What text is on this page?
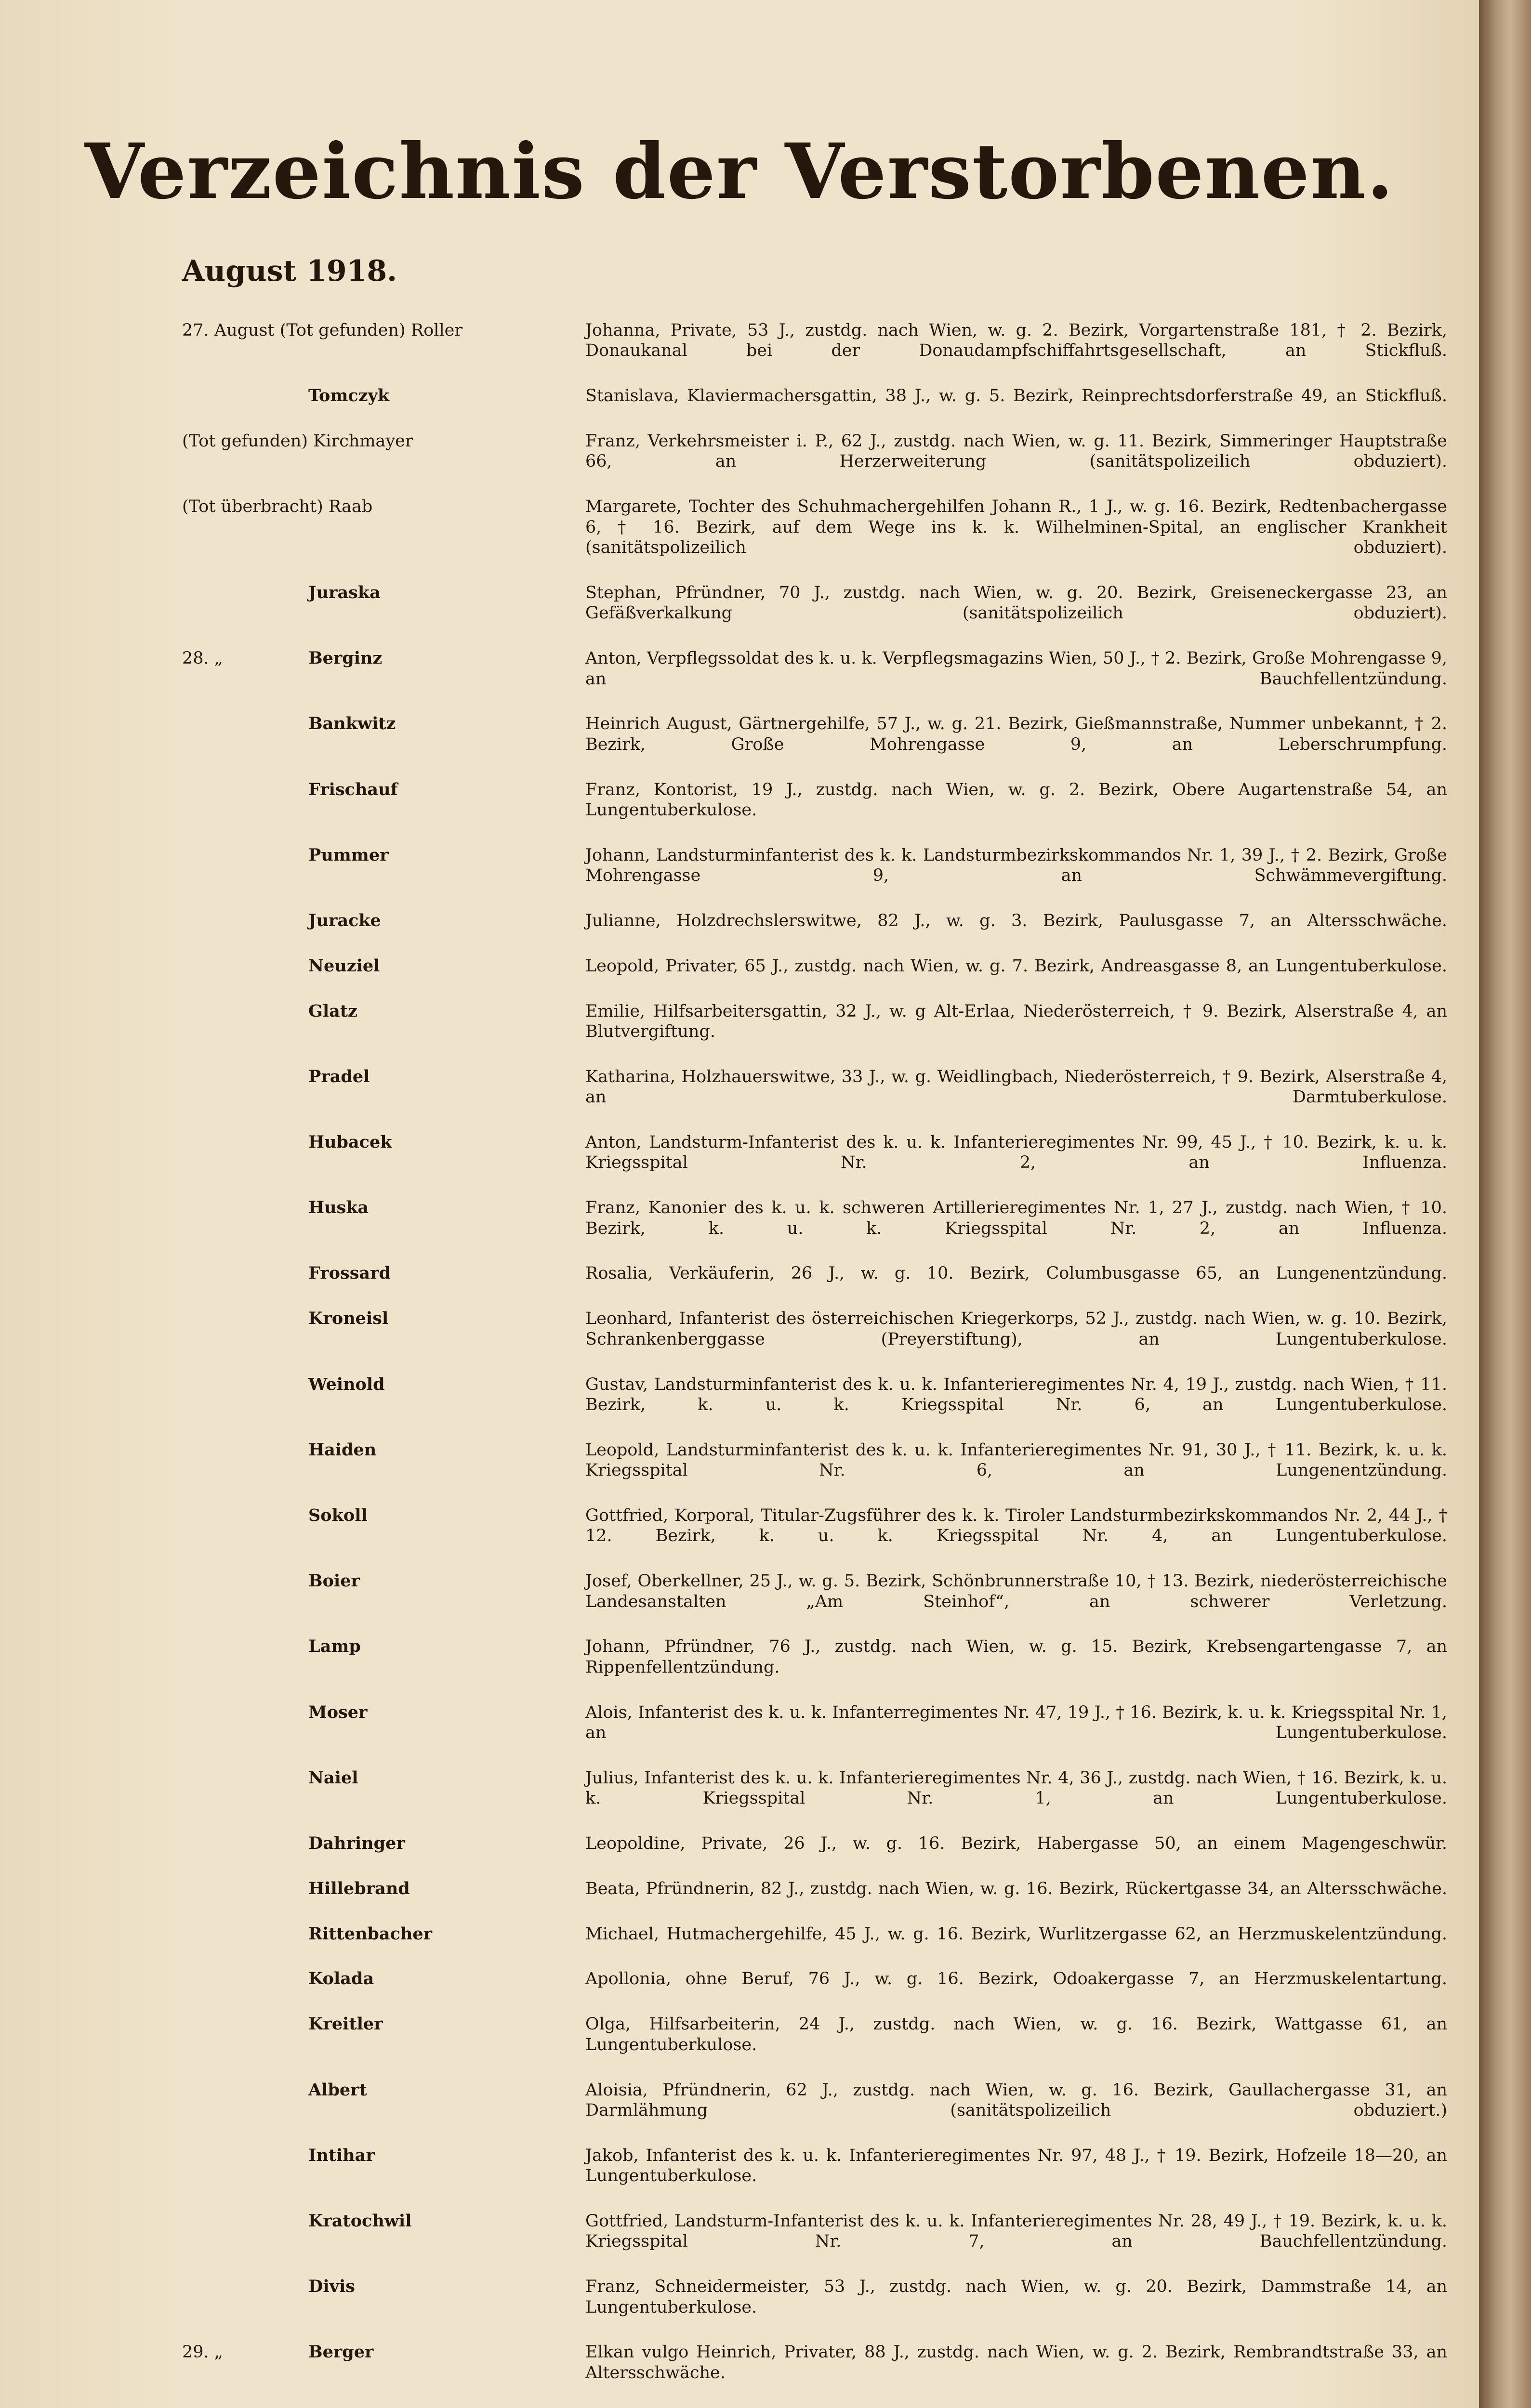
Verzeichnis der Verstorbenen.
August 1918.
27. August (Tot gefunden) Roller	Johanna, Private, 53 J., zustdg. nach Wien, w. g. 2. Bezirk, Vorgartenstraße 181, † 2. Bezirk, Donaukanal bei der Donaudampfschiffahrtsgesellschaft, an Stickfluß.
Tomczyk	Stanislava, Klaviermachersgattin, 38 J., w. g. 5. Bezirk, Reinprechtsdorferstraße 49, an Stickfluß.
(Tot gefunden) Kirchmayer	Franz, Verkehrsmeister i. P., 62 J., zustdg. nach Wien, w. g. 11. Bezirk, Simmeringer Hauptstraße 66, an Herzerweiterung (sanitätspolizeilich obduziert).
(Tot überbracht) Raab	Margarete, Tochter des Schuhmachergehilfen Johann R., 1 J., w. g. 16. Bezirk, Redtenbachergasse 6, † 16. Bezirk, auf dem Wege ins k. k. Wilhelminen-Spital, an englischer Krankheit (sanitätspolizeilich obduziert).
Juraska	Stephan, Pfründner, 70 J., zustdg. nach Wien, w. g. 20. Bezirk, Greiseneckergasse 23, an Gefäßverkalkung (sanitätspolizeilich obduziert).
28. „	Berginz	Anton, Verpflegssoldat des k. u. k. Verpflegsmagazins Wien, 50 J., † 2. Bezirk, Große Mohrengasse 9, an Bauchfellentzündung.
Bankwitz	Heinrich August, Gärtnergehilfe, 57 J., w. g. 21. Bezirk, Gießmannstraße, Nummer unbekannt, † 2. Bezirk, Große Mohrengasse 9, an Leberschrumpfung.
Frischauf	Franz, Kontorist, 19 J., zustdg. nach Wien, w. g. 2. Bezirk, Obere Augartenstraße 54, an Lungentuberkulose.
Pummer	Johann, Landsturminfanterist des k. k. Landsturmbezirkskommandos Nr. 1, 39 J., † 2. Bezirk, Große Mohrengasse 9, an Schwämmevergiftung.
Juracke	Julianne, Holzdrechslerswitwe, 82 J., w. g. 3. Bezirk, Paulusgasse 7, an Altersschwäche.
Neuziel	Leopold, Privater, 65 J., zustdg. nach Wien, w. g. 7. Bezirk, Andreasgasse 8, an Lungentuberkulose.
Glatz	Emilie, Hilfsarbeitersgattin, 32 J., w. g Alt-Erlaa, Niederösterreich, † 9. Bezirk, Alserstraße 4, an Blutvergiftung.
Pradel	Katharina, Holzhauerswitwe, 33 J., w. g. Weidlingbach, Niederösterreich, † 9. Bezirk, Alserstraße 4, an Darmtuberkulose.
Hubacek	Anton, Landsturm-Infanterist des k. u. k. Infanterieregimentes Nr. 99, 45 J., † 10. Bezirk, k. u. k. Kriegsspital Nr. 2, an Influenza.
Huska	Franz, Kanonier des k. u. k. schweren Artillerieregimentes Nr. 1, 27 J., zustdg. nach Wien, † 10. Bezirk, k. u. k. Kriegsspital Nr. 2, an Influenza.
Frossard	Rosalia, Verkäuferin, 26 J., w. g. 10. Bezirk, Columbusgasse 65, an Lungenentzündung.
Kroneisl	Leonhard, Infanterist des österreichischen Kriegerkorps, 52 J., zustdg. nach Wien, w. g. 10. Bezirk, Schrankenberggasse (Preyerstiftung), an Lungentuberkulose.
Weinold	Gustav, Landsturminfanterist des k. u. k. Infanterieregimentes Nr. 4, 19 J., zustdg. nach Wien, † 11. Bezirk, k. u. k. Kriegsspital Nr. 6, an Lungentuberkulose.
Haiden	Leopold, Landsturminfanterist des k. u. k. Infanterieregimentes Nr. 91, 30 J., † 11. Bezirk, k. u. k. Kriegsspital Nr. 6, an Lungenentzündung.
Sokoll	Gottfried, Korporal, Titular-Zugsführer des k. k. Tiroler Landsturmbezirkskommandos Nr. 2, 44 J., † 12. Bezirk, k. u. k. Kriegsspital Nr. 4, an Lungentuberkulose.
Boier	Josef, Oberkellner, 25 J., w. g. 5. Bezirk, Schönbrunnerstraße 10, † 13. Bezirk, niederösterreichische Landesanstalten „Am Steinhof“, an schwerer Verletzung.
Lamp	Johann, Pfründner, 76 J., zustdg. nach Wien, w. g. 15. Bezirk, Krebsengartengasse 7, an Rippenfellentzündung.
Moser	Alois, Infanterist des k. u. k. Infanterregimentes Nr. 47, 19 J., † 16. Bezirk, k. u. k. Kriegsspital Nr. 1, an Lungentuberkulose.
Naiel	Julius, Infanterist des k. u. k. Infanterieregimentes Nr. 4, 36 J., zustdg. nach Wien, † 16. Bezirk, k. u. k. Kriegsspital Nr. 1, an Lungentuberkulose.
Dahringer	Leopoldine, Private, 26 J., w. g. 16. Bezirk, Habergasse 50, an einem Magengeschwür.
Hillebrand	Beata, Pfründnerin, 82 J., zustdg. nach Wien, w. g. 16. Bezirk, Rückertgasse 34, an Altersschwäche.
Rittenbacher	Michael, Hutmachergehilfe, 45 J., w. g. 16. Bezirk, Wurlitzergasse 62, an Herzmuskelentzündung.
Kolada	Apollonia, ohne Beruf, 76 J., w. g. 16. Bezirk, Odoakergasse 7, an Herzmuskelentartung.
Kreitler	Olga, Hilfsarbeiterin, 24 J., zustdg. nach Wien, w. g. 16. Bezirk, Wattgasse 61, an Lungentuberkulose.
Albert	Aloisia, Pfründnerin, 62 J., zustdg. nach Wien, w. g. 16. Bezirk, Gaullachergasse 31, an Darmlähmung (sanitätspolizeilich obduziert.)
Intihar	Jakob, Infanterist des k. u. k. Infanterieregimentes Nr. 97, 48 J., † 19. Bezirk, Hofzeile 18—20, an Lungentuberkulose.
Kratochwil	Gottfried, Landsturm-Infanterist des k. u. k. Infanterieregimentes Nr. 28, 49 J., † 19. Bezirk, k. u. k. Kriegsspital Nr. 7, an Bauchfellentzündung.
Divis	Franz, Schneidermeister, 53 J., zustdg. nach Wien, w. g. 20. Bezirk, Dammstraße 14, an Lungentuberkulose.
29. „	Berger	Elkan vulgo Heinrich, Privater, 88 J., zustdg. nach Wien, w. g. 2. Bezirk, Rembrandtstraße 33, an Altersschwäche.
